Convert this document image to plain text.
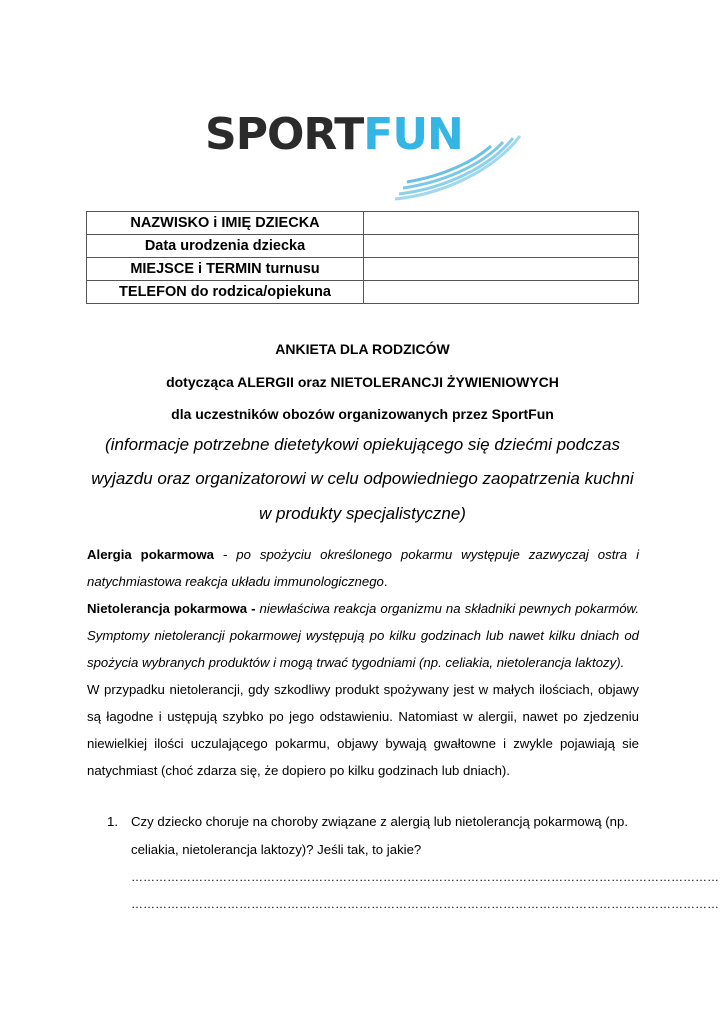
SPORTFUN
NAZWISKO i IMIĘ DZIECKA	
Data urodzenia dziecka	
MIEJSCE i TERMIN turnusu	
TELEFON do rodzica/opiekuna	
ANKIETA DLA RODZICÓW
dotycząca ALERGII oraz NIETOLERANCJI ŻYWIENIOWYCH
dla uczestników obozów organizowanych przez SportFun
(informacje potrzebne dietetykowi opiekującego się dziećmi podczas
wyjazdu oraz organizatorowi w celu odpowiedniego zaopatrzenia kuchni
w produkty specjalistyczne)

Alergia pokarmowa - po spożyciu określonego pokarmu występuje zazwyczaj ostra i natychmiastowa reakcja układu immunologicznego.

Nietolerancja pokarmowa - niewłaściwa reakcja organizmu na składniki pewnych pokarmów. Symptomy nietolerancji pokarmowej występują po kilku godzinach lub nawet kilku dniach od spożycia wybranych produktów i mogą trwać tygodniami (np. celiakia, nietolerancja laktozy).

W przypadku nietolerancji, gdy szkodliwy produkt spożywany jest w małych ilościach, objawy są łagodne i ustępują szybko po jego odstawieniu. Natomiast w alergii, nawet po zjedzeniu niewielkiej ilości uczulającego pokarmu, objawy bywają gwałtowne i zwykle pojawiają sie natychmiast (choć zdarza się, że dopiero po kilku godzinach lub dniach).

1. Czy dziecko choruje na choroby związane z alergią lub nietolerancją pokarmową (np. celiakia, nietolerancja laktozy)? Jeśli tak, to jakie?
…………………………………………………………………………………………………………………………………
…………………………………………………………………………………………………………………………………
